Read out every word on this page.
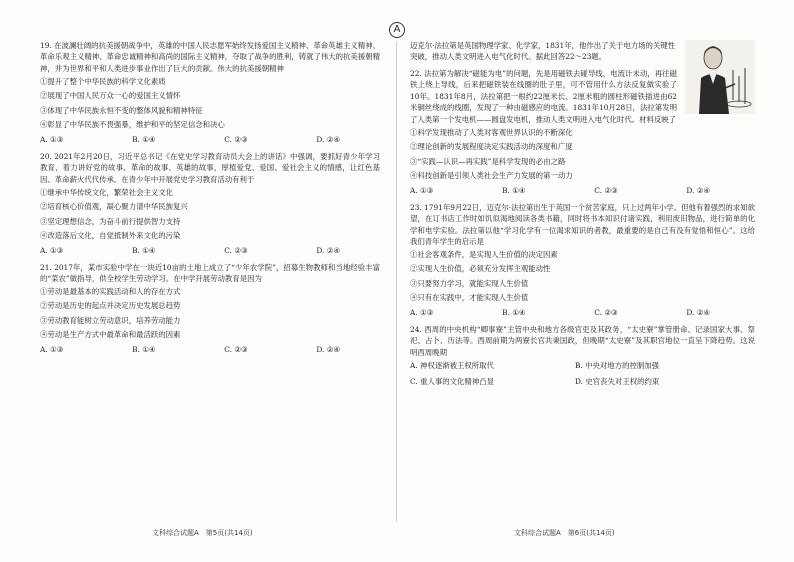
A
19. 在波澜壮阔的抗美援朝战争中，英雄的中国人民志愿军始终发扬爱国主义精神、革命英雄主义精神、革命乐观主义精神、革命忠诚精神和高尚的国际主义精神，夺取了战争的胜利，铸就了伟大的抗美援朝精神，并为世界和平和人类进步事业作出了巨大的贡献。伟大的抗美援朝精神
①提升了整个中华民族的科学文化素质
②展现了中国人民万众一心的爱国主义情怀
③体现了中华民族永恒不变的整体风貌和精神特征
④彰显了中华民族不畏强暴，维护和平的坚定信念和决心
A. ①③	B. ①④	C. ②③	D. ②④
20. 2021年2月20日，习近平总书记《在党史学习教育动员大会上的讲话》中强调，要抓好青少年学习教育，着力讲好党的故事、革命的故事、英雄的故事，厚植爱党、爱国、爱社会主义的情感，让红色基因、革命薪火代代传承。在青少年中开展党史学习教育活动有利于
①继承中华传统文化，繁荣社会主义文化
②培育核心价值观，凝心聚力谱中华民族复兴
③坚定理想信念，为奋斗前行提供智力支持
④改造落后文化，自觉抵制外来文化的污染
A. ①③	B. ①④	C. ②③	D. ②④
21. 2017年，某市实验中学在一块近10亩的土地上成立了“少年农学院”，招募生物教师和当地经验丰富的“菜农”做指导，供全校学生劳动学习。在中学开展劳动教育是因为
①劳动是最基本的实践活动和人的存在方式
②劳动是历史的起点并决定历史发展总趋势
③劳动教育能树立劳动意识，培养劳动能力
④劳动是生产方式中最革命和最活跃的因素
A. ①③	B. ①④	C. ②③	D. ②④
文科综合试题A　第5页(共14页)
迈克尔·法拉第是英国物理学家、化学家，1831年，他作出了关于电力场的关键性突破，推动人类文明进入电气化时代。据此回答22～23题。
22. 法拉第为解决“磁能为电”的问题，先是用磁铁去碰导线，电流计未动，再往磁铁上绕上导线，后来把磁铁装在线圈的肚子里，可不管用什么方法反复做实验了10年。1831年8月，法拉第把一根约22厘米长、2厘米粗的圆柱形磁铁插进由62米铜丝绕成的线圈，发现了一种由磁感应的电流。1831年10月28日，法拉第发明了人类第一个发电机——圆盘发电机，推动人类文明进入电气化时代。材料反映了
①科学发现推动了人类对客观世界认识的不断深化
②理论创新的发展程度决定实践活动的深度和广度
③“实践—认识—再实践”是科学发现的必由之路
④科技创新是引领人类社会生产力发展的第一动力
A. ①③	B. ①④	C. ②③	D. ②④
23. 1791年9月22日，迈克尔·法拉第出生于英国一个贫苦家庭，只上过两年小学。但他有着强烈的求知欲望，在订书店工作时如饥似渴地阅读各类书籍，同时将书本知识付诸实践，利用废旧物品，进行简单的化学和电学实验。法拉第以他“学习化学有一位渴求知识的者教，最重要的是自己有没有觉悟和恒心”。这给我们青年学生的启示是
①社会客观条件，是实现人生价值的决定因素
②实现人生价值，必须充分发挥主观能动性
③只要努力学习，就能实现人生价值
④只有在实践中，才能实现人生价值
A. ①③	B. ①④	C. ②③	D. ②④
24. 西周的中央机构“卿事寮”主管中央和地方各级官吏及其政务，“太史寮”掌管册命、记录国家大事、祭祀、占卜、历法等。西周前期为两寮长官共秉国政，但晚期“太史寮”及其职官地位一直呈下降趋势。这说明西周晚期
A. 神权逐渐被王权所取代	B. 中央对地方的控制加强
C. 重人事的文化精神凸显	D. 史官丧失对王权的约束
文科综合试题A　第6页(共14页)
